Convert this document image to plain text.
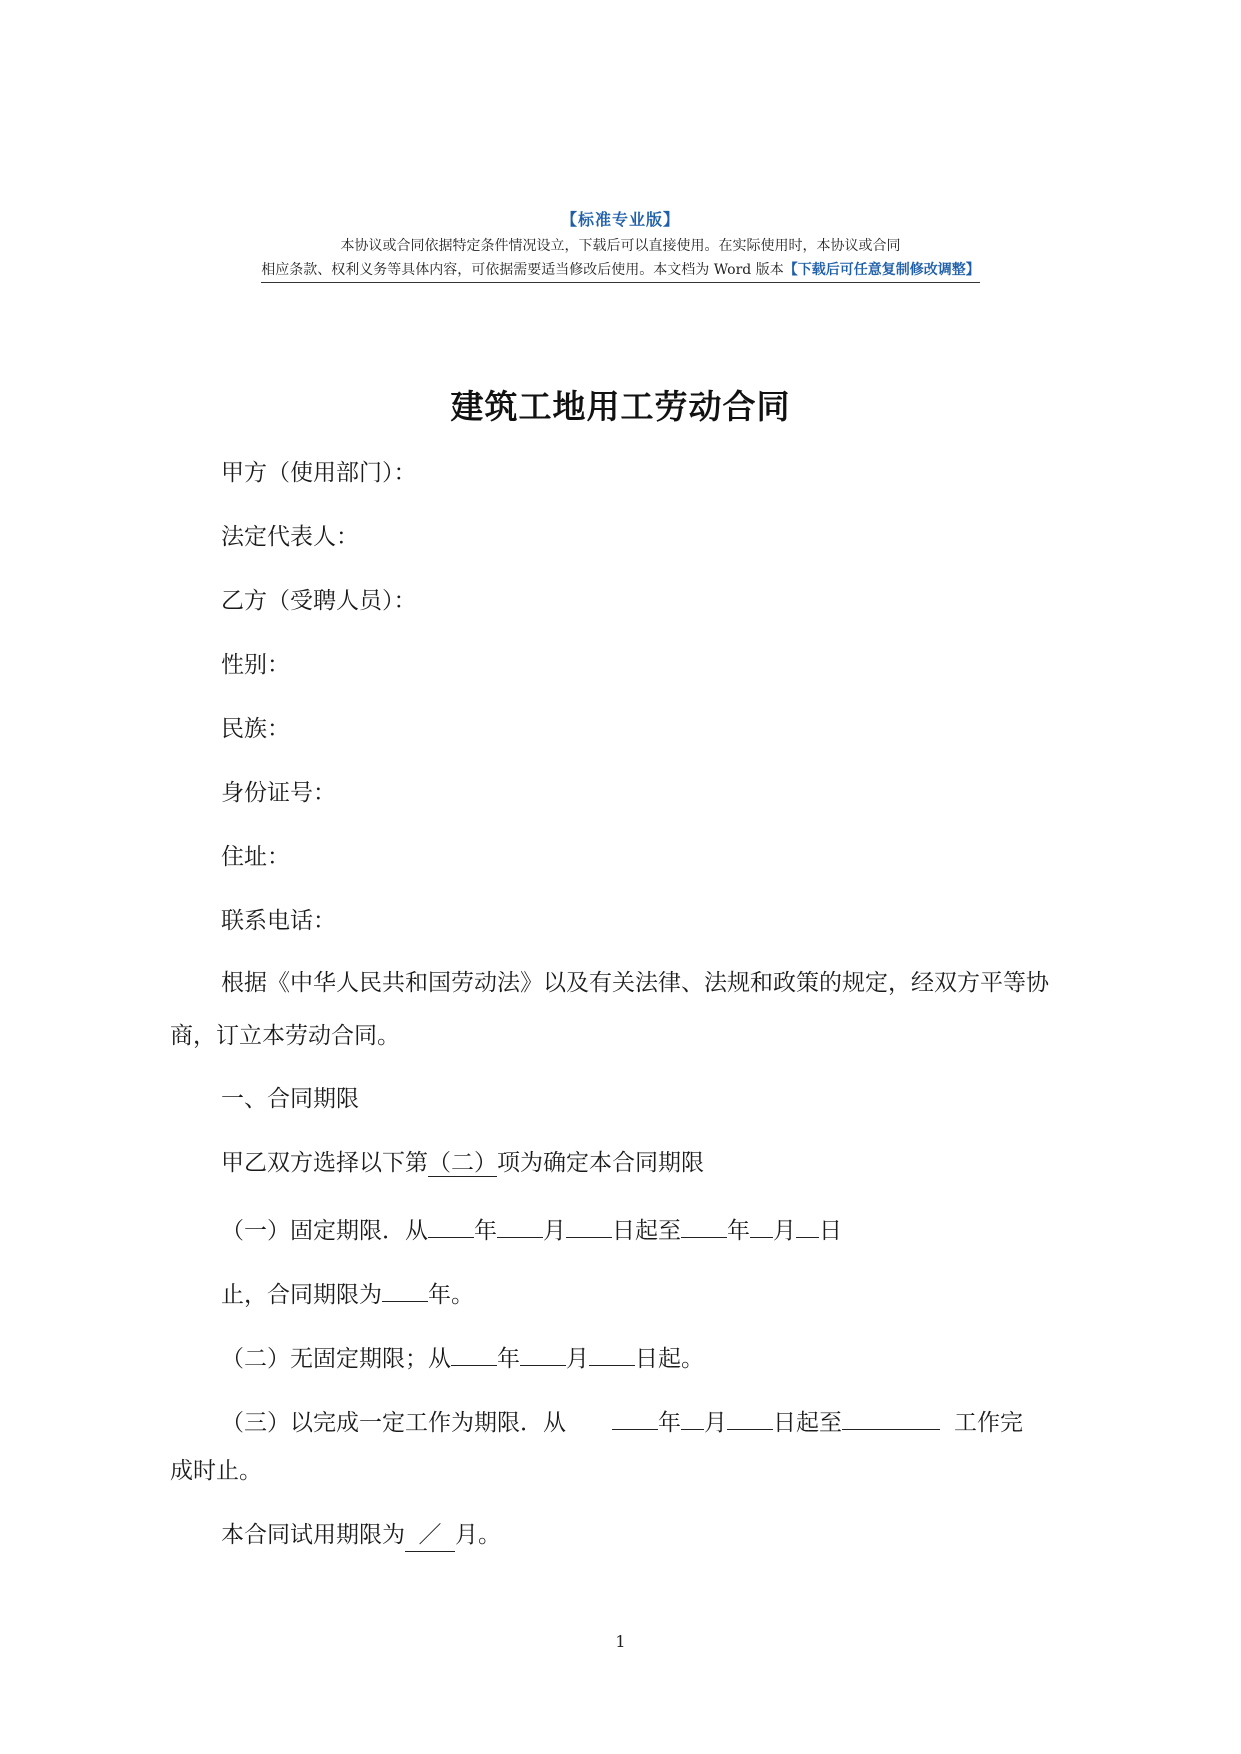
【标准专业版】
本协议或合同依据特定条件情况设立，下载后可以直接使用。在实际使用时，本协议或合同
相应条款、权利义务等具体内容，可依据需要适当修改后使用。本文档为 Word 版本【下载后可任意复制修改调整】
建筑工地用工劳动合同
甲方（使用部门）：
法定代表人：
乙方（受聘人员）：
性别：
民族：
身份证号：
住址：
联系电话：

根据《中华人民共和国劳动法》以及有关法律、法规和政策的规定，经双方平等协商，订立本劳动合同。

一、合同期限
甲乙双方选择以下第（二）项为确定本合同期限
（一）固定期限．从 年 月 日起至 年 月 日
止，合同期限为 年。
（二）无固定期限；从 年 月 日起。
（三）以完成一定工作为期限．从	年 月 日起至	工作完
成时止。
本合同试用期限为 ／ 月。
1
